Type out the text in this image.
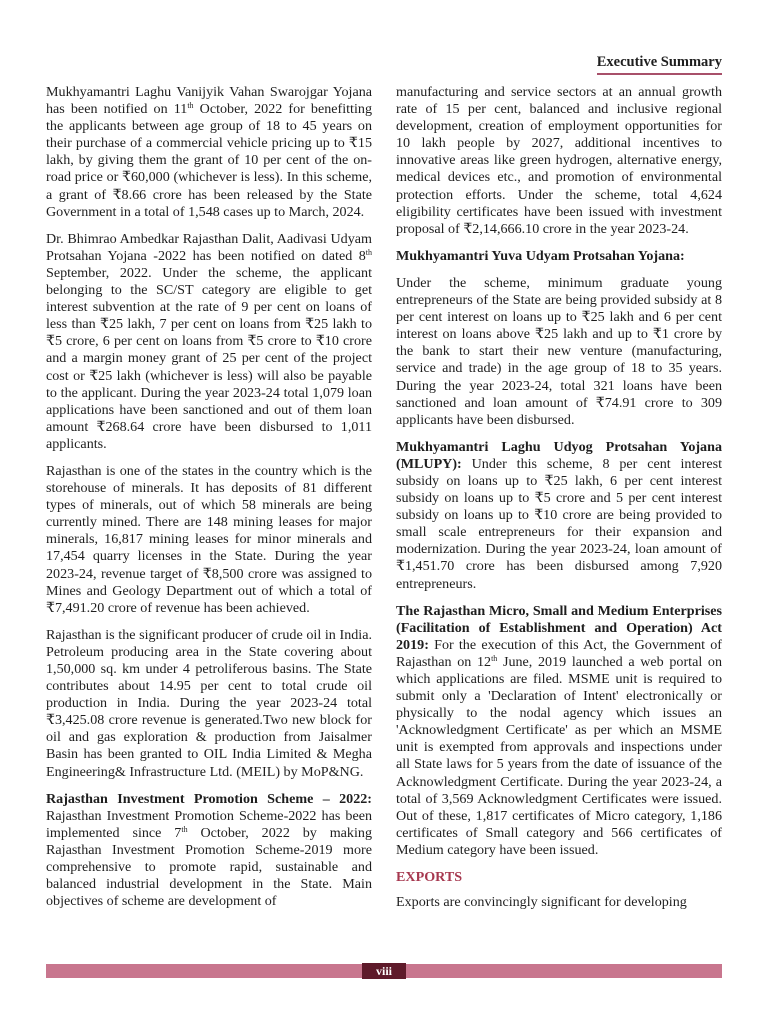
Executive Summary

Mukhyamantri Laghu Vanijyik Vahan Swarojgar Yojana has been notified on 11th October, 2022 for benefitting the applicants between age group of 18 to 45 years on their purchase of a commercial vehicle pricing up to ₹15 lakh, by giving them the grant of 10 per cent of the on-road price or ₹60,000 (whichever is less). In this scheme, a grant of ₹8.66 crore has been released by the State Government in a total of 1,548 cases up to March, 2024.

Dr. Bhimrao Ambedkar Rajasthan Dalit, Aadivasi Udyam Protsahan Yojana -2022 has been notified on dated 8th September, 2022. Under the scheme, the applicant belonging to the SC/ST category are eligible to get interest subvention at the rate of 9 per cent on loans of less than ₹25 lakh, 7 per cent on loans from ₹25 lakh to ₹5 crore, 6 per cent on loans from ₹5 crore to ₹10 crore and a margin money grant of 25 per cent of the project cost or ₹25 lakh (whichever is less) will also be payable to the applicant. During the year 2023-24 total 1,079 loan applications have been sanctioned and out of them loan amount ₹268.64 crore have been disbursed to 1,011 applicants.

Rajasthan is one of the states in the country which is the storehouse of minerals. It has deposits of 81 different types of minerals, out of which 58 minerals are being currently mined. There are 148 mining leases for major minerals, 16,817 mining leases for minor minerals and 17,454 quarry licenses in the State. During the year 2023-24, revenue target of ₹8,500 crore was assigned to Mines and Geology Department out of which a total of ₹7,491.20 crore of revenue has been achieved.

Rajasthan is the significant producer of crude oil in India. Petroleum producing area in the State covering about 1,50,000 sq. km under 4 petroliferous basins. The State contributes about 14.95 per cent to total crude oil production in India. During the year 2023-24 total ₹3,425.08 crore revenue is generated.Two new block for oil and gas exploration & production from Jaisalmer Basin has been granted to OIL India Limited & Megha Engineering& Infrastructure Ltd. (MEIL) by MoP&NG.

Rajasthan Investment Promotion Scheme – 2022: Rajasthan Investment Promotion Scheme-2022 has been implemented since 7th October, 2022 by making Rajasthan Investment Promotion Scheme-2019 more comprehensive to promote rapid, sustainable and balanced industrial development in the State. Main objectives of scheme are development of

manufacturing and service sectors at an annual growth rate of 15 per cent, balanced and inclusive regional development, creation of employment opportunities for 10 lakh people by 2027, additional incentives to innovative areas like green hydrogen, alternative energy, medical devices etc., and promotion of environmental protection efforts. Under the scheme, total 4,624 eligibility certificates have been issued with investment proposal of ₹2,14,666.10 crore in the year 2023-24.

Mukhyamantri Yuva Udyam Protsahan Yojana:

Under the scheme, minimum graduate young entrepreneurs of the State are being provided subsidy at 8 per cent interest on loans up to ₹25 lakh and 6 per cent interest on loans above ₹25 lakh and up to ₹1 crore by the bank to start their new venture (manufacturing, service and trade) in the age group of 18 to 35 years. During the year 2023-24, total 321 loans have been sanctioned and loan amount of ₹74.91 crore to 309 applicants have been disbursed.

Mukhyamantri Laghu Udyog Protsahan Yojana (MLUPY): Under this scheme, 8 per cent interest subsidy on loans up to ₹25 lakh, 6 per cent interest subsidy on loans up to ₹5 crore and 5 per cent interest subsidy on loans up to ₹10 crore are being provided to small scale entrepreneurs for their expansion and modernization. During the year 2023-24, loan amount of ₹1,451.70 crore has been disbursed among 7,920 entrepreneurs.

The Rajasthan Micro, Small and Medium Enterprises (Facilitation of Establishment and Operation) Act 2019: For the execution of this Act, the Government of Rajasthan on 12th June, 2019 launched a web portal on which applications are filed. MSME unit is required to submit only a 'Declaration of Intent' electronically or physically to the nodal agency which issues an 'Acknowledgment Certificate' as per which an MSME unit is exempted from approvals and inspections under all State laws for 5 years from the date of issuance of the Acknowledgment Certificate. During the year 2023-24, a total of 3,569 Acknowledgment Certificates were issued. Out of these, 1,817 certificates of Micro category, 1,186 certificates of Small category and 566 certificates of Medium category have been issued.

EXPORTS

Exports are convincingly significant for developing

viii
